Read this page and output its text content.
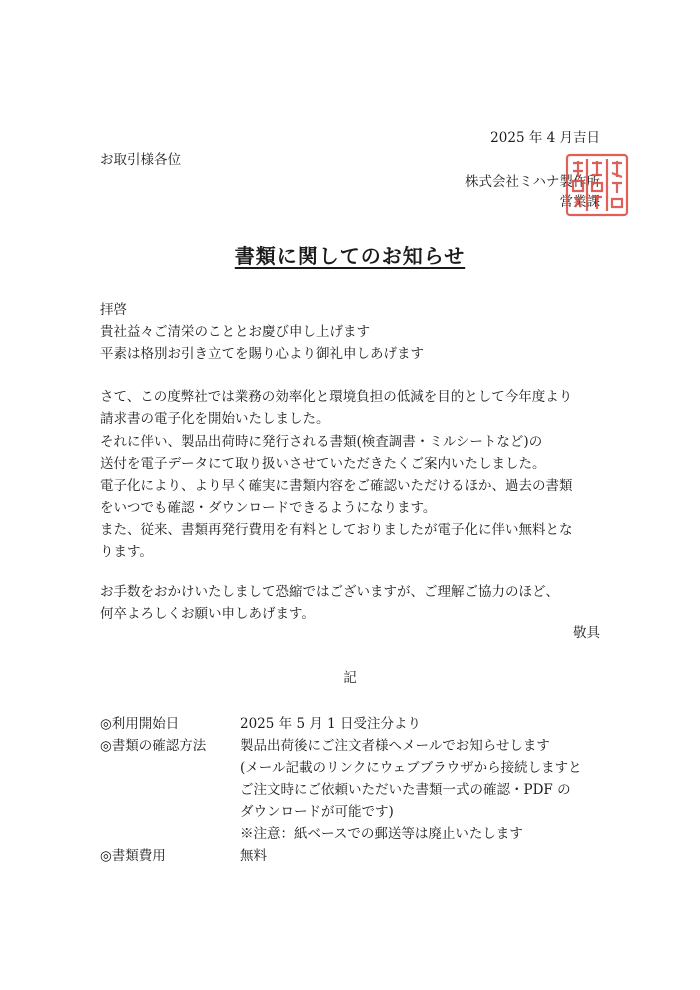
2025 年 4 月吉日
お取引様各位
株式会社ミハナ製作所
営業課
書類に関してのお知らせ
拝啓
貴社益々ご清栄のこととお慶び申し上げます
平素は格別お引き立てを賜り心より御礼申しあげます
さて、この度弊社では業務の効率化と環境負担の低減を目的として今年度より
請求書の電子化を開始いたしました。
それに伴い、製品出荷時に発行される書類(検査調書・ミルシートなど)の
送付を電子データにて取り扱いさせていただきたくご案内いたしました。
電子化により、より早く確実に書類内容をご確認いただけるほか、過去の書類
をいつでも確認・ダウンロードできるようになります。
また、従来、書類再発行費用を有料としておりましたが電子化に伴い無料とな
ります。
お手数をおかけいたしまして恐縮ではございますが、ご理解ご協力のほど、
何卒よろしくお願い申しあげます。
敬具
記
◎利用開始日	2025 年 5 月 1 日受注分より
◎書類の確認方法 製品出荷後にご注文者様へメールでお知らせします
(メール記載のリンクにウェブブラウザから接続しますと
ご注文時にご依頼いただいた書類一式の確認・PDF の
ダウンロードが可能です)
※注意：紙ベースでの郵送等は廃止いたします
◎書類費用	無料
